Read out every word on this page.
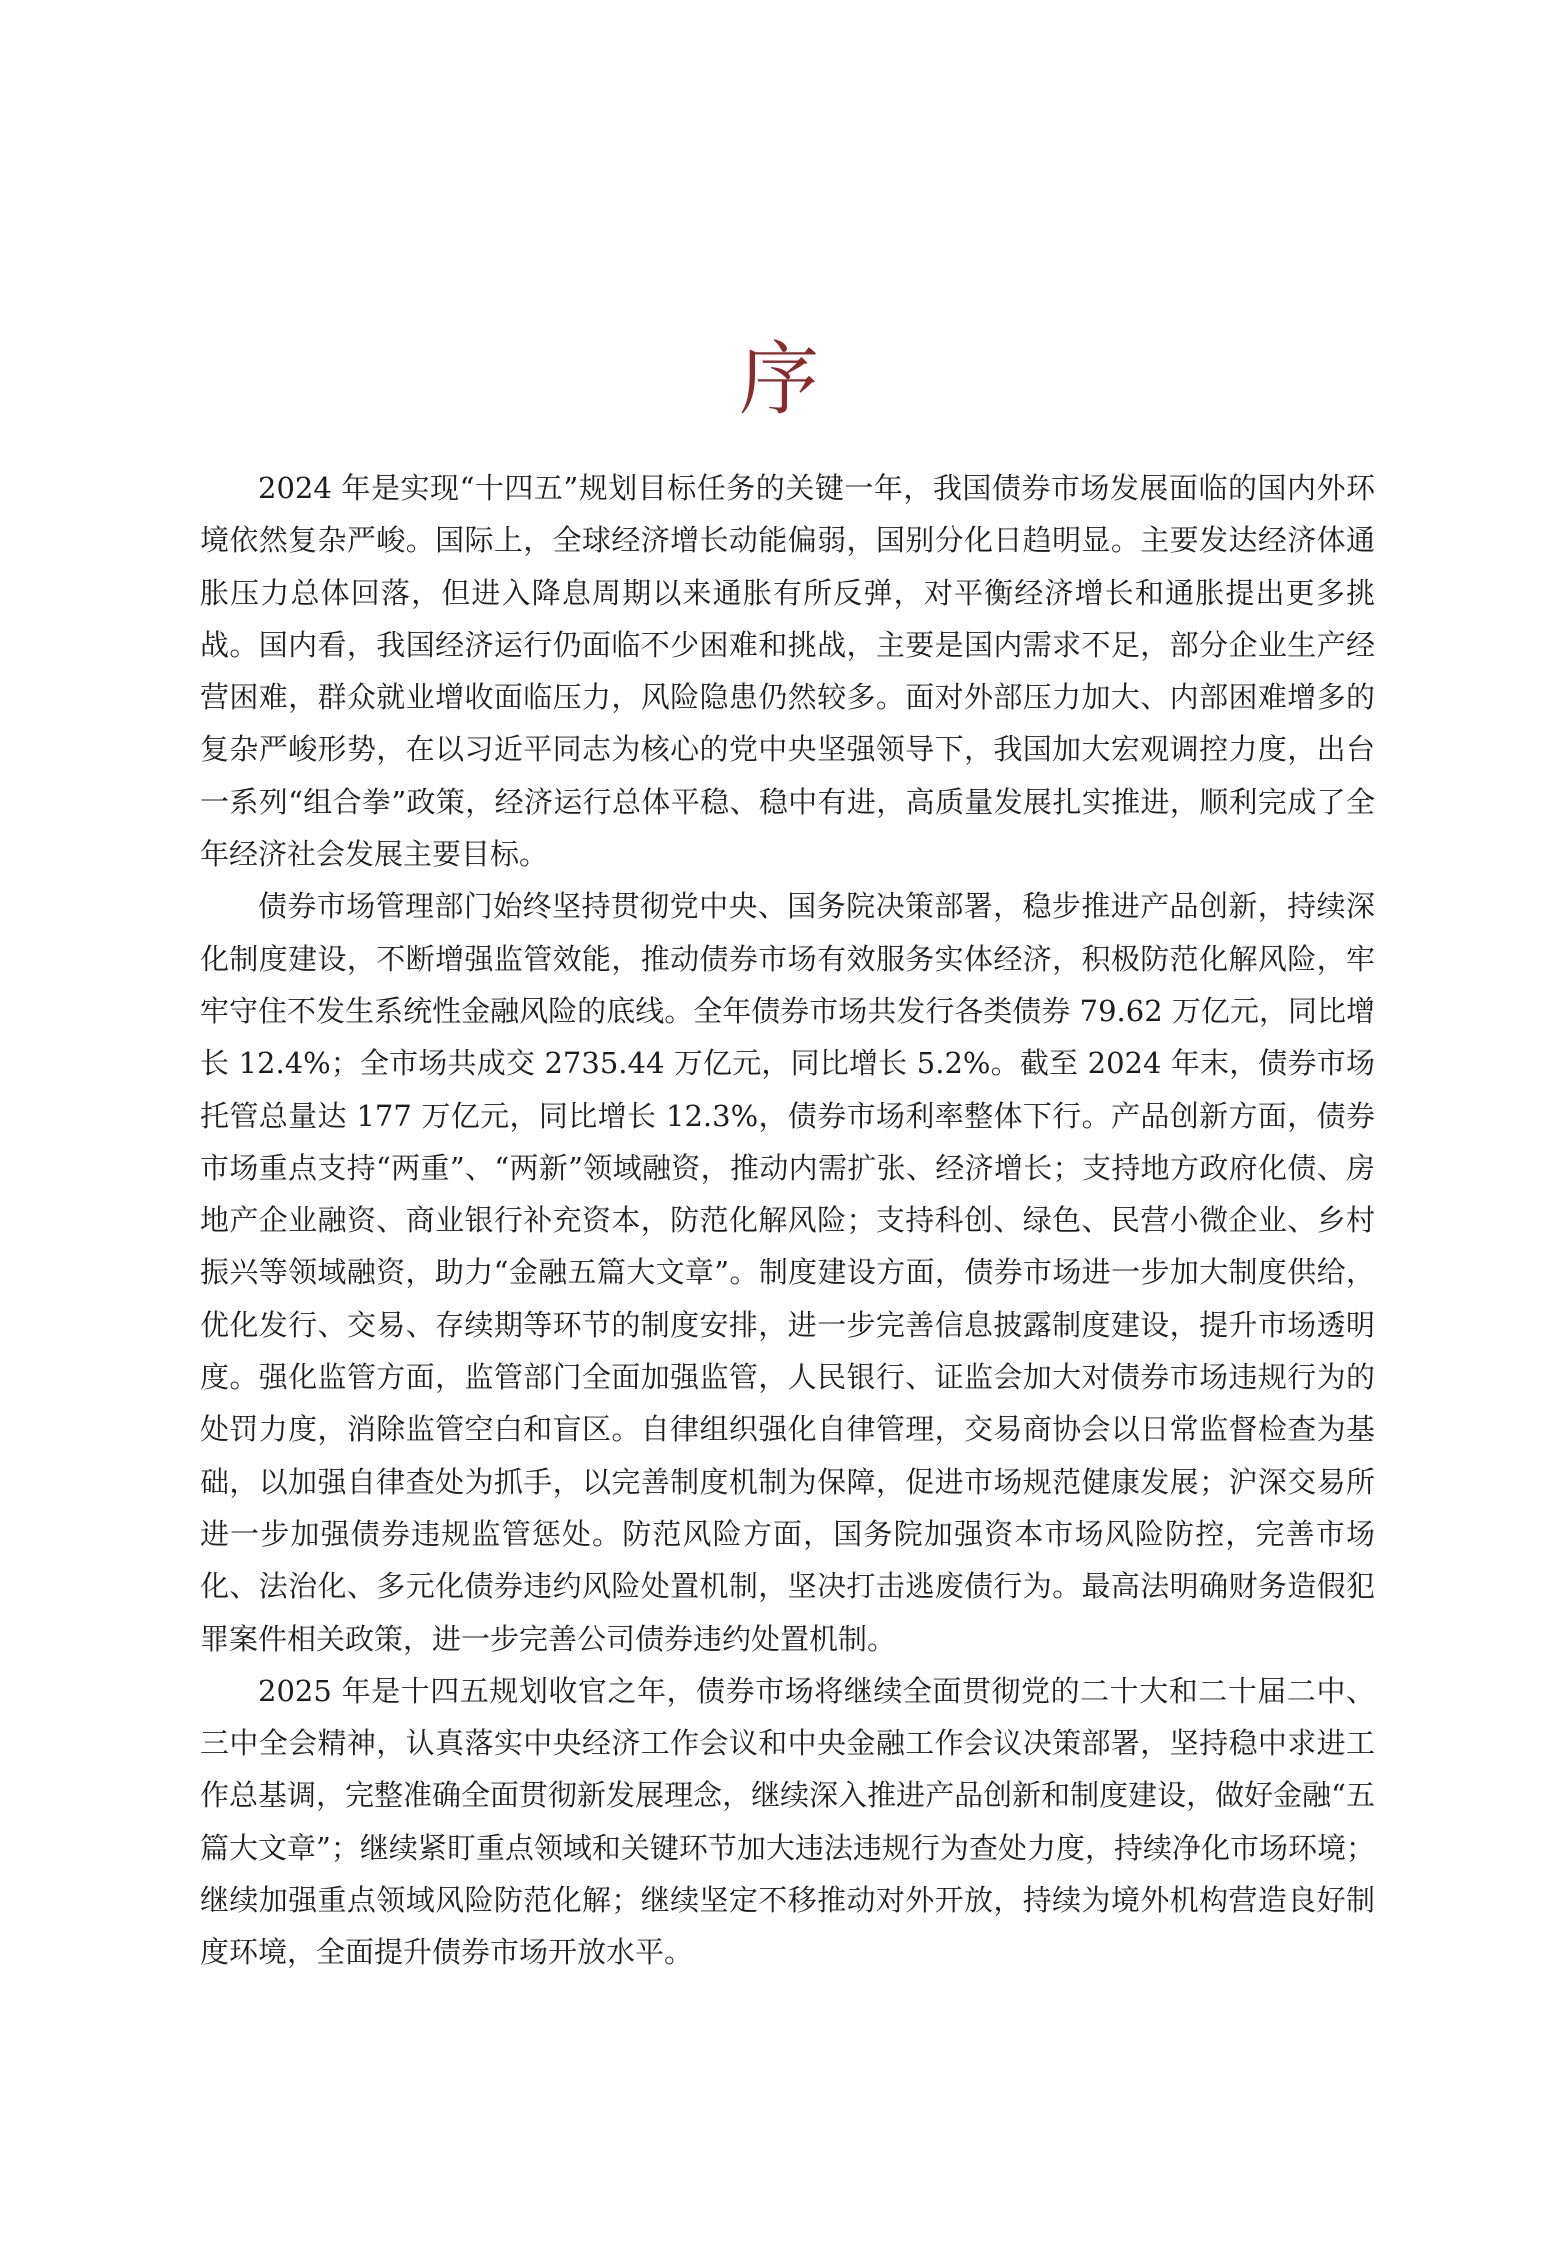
序

2024 年是实现“十四五”规划目标任务的关键一年，我国债券市场发展面临的国内外环境依然复杂严峻。国际上，全球经济增长动能偏弱，国别分化日趋明显。主要发达经济体通胀压力总体回落，但进入降息周期以来通胀有所反弹，对平衡经济增长和通胀提出更多挑战。国内看，我国经济运行仍面临不少困难和挑战，主要是国内需求不足，部分企业生产经营困难，群众就业增收面临压力，风险隐患仍然较多。面对外部压力加大、内部困难增多的复杂严峻形势，在以习近平同志为核心的党中央坚强领导下，我国加大宏观调控力度，出台一系列“组合拳”政策，经济运行总体平稳、稳中有进，高质量发展扎实推进，顺利完成了全年经济社会发展主要目标。

债券市场管理部门始终坚持贯彻党中央、国务院决策部署，稳步推进产品创新，持续深化制度建设，不断增强监管效能，推动债券市场有效服务实体经济，积极防范化解风险，牢牢守住不发生系统性金融风险的底线。全年债券市场共发行各类债券 79.62 万亿元，同比增长 12.4%；全市场共成交 2735.44 万亿元，同比增长 5.2%。截至 2024 年末，债券市场托管总量达 177 万亿元，同比增长 12.3%，债券市场利率整体下行。产品创新方面，债券市场重点支持“两重”、“两新”领域融资，推动内需扩张、经济增长；支持地方政府化债、房地产企业融资、商业银行补充资本，防范化解风险；支持科创、绿色、民营小微企业、乡村振兴等领域融资，助力“金融五篇大文章”。制度建设方面，债券市场进一步加大制度供给，优化发行、交易、存续期等环节的制度安排，进一步完善信息披露制度建设，提升市场透明度。强化监管方面，监管部门全面加强监管，人民银行、证监会加大对债券市场违规行为的处罚力度，消除监管空白和盲区。自律组织强化自律管理，交易商协会以日常监督检查为基础，以加强自律查处为抓手，以完善制度机制为保障，促进市场规范健康发展；沪深交易所进一步加强债券违规监管惩处。防范风险方面，国务院加强资本市场风险防控，完善市场化、法治化、多元化债券违约风险处置机制，坚决打击逃废债行为。最高法明确财务造假犯罪案件相关政策，进一步完善公司债券违约处置机制。

2025 年是十四五规划收官之年，债券市场将继续全面贯彻党的二十大和二十届二中、三中全会精神，认真落实中央经济工作会议和中央金融工作会议决策部署，坚持稳中求进工作总基调，完整准确全面贯彻新发展理念，继续深入推进产品创新和制度建设，做好金融“五篇大文章”；继续紧盯重点领域和关键环节加大违法违规行为查处力度，持续净化市场环境；继续加强重点领域风险防范化解；继续坚定不移推动对外开放，持续为境外机构营造良好制度环境，全面提升债券市场开放水平。
